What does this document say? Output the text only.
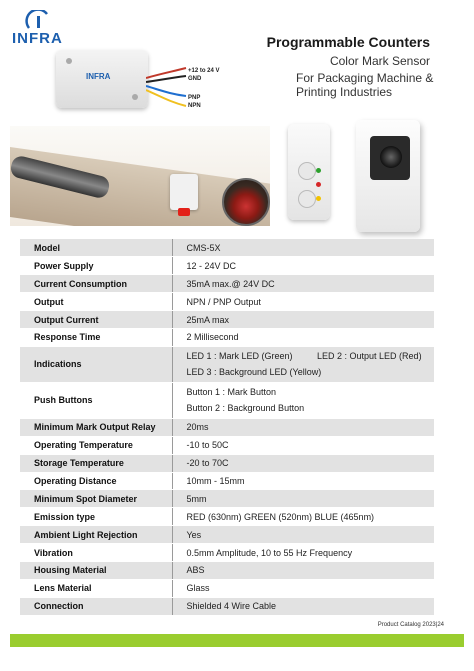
INFRA	Programmable Counters
Color Mark Sensor
For Packaging Machine & Printing Industries
INFRA
+12 to 24 V
GND
PNP
NPN
Model	CMS-5X
Power Supply	12 - 24V DC
Current Consumption	35mA max.@ 24V DC
Output	NPN / PNP Output
Output Current	25mA max
Response Time	2 Millisecond
Indications	LED 1 : Mark LED (Green) LED 2 : Output LED (Red)
LED 3 : Background LED (Yellow)

Push Buttons	Button 1 : Mark Button
Button 2 : Background Button

Minimum Mark Output Relay	20ms
Operating Temperature	-10 to 50C
Storage Temperature	-20 to 70C
Operating Distance	10mm - 15mm
Minimum Spot Diameter	5mm
Emission type	RED (630nm) GREEN (520nm) BLUE (465nm)
Ambient Light Rejection	Yes
Vibration	0.5mm Amplitude, 10 to 55 Hz Frequency
Housing Material	ABS
Lens Material	Glass
Connection	Shielded 4 Wire Cable
Product Catalog 2023|24
